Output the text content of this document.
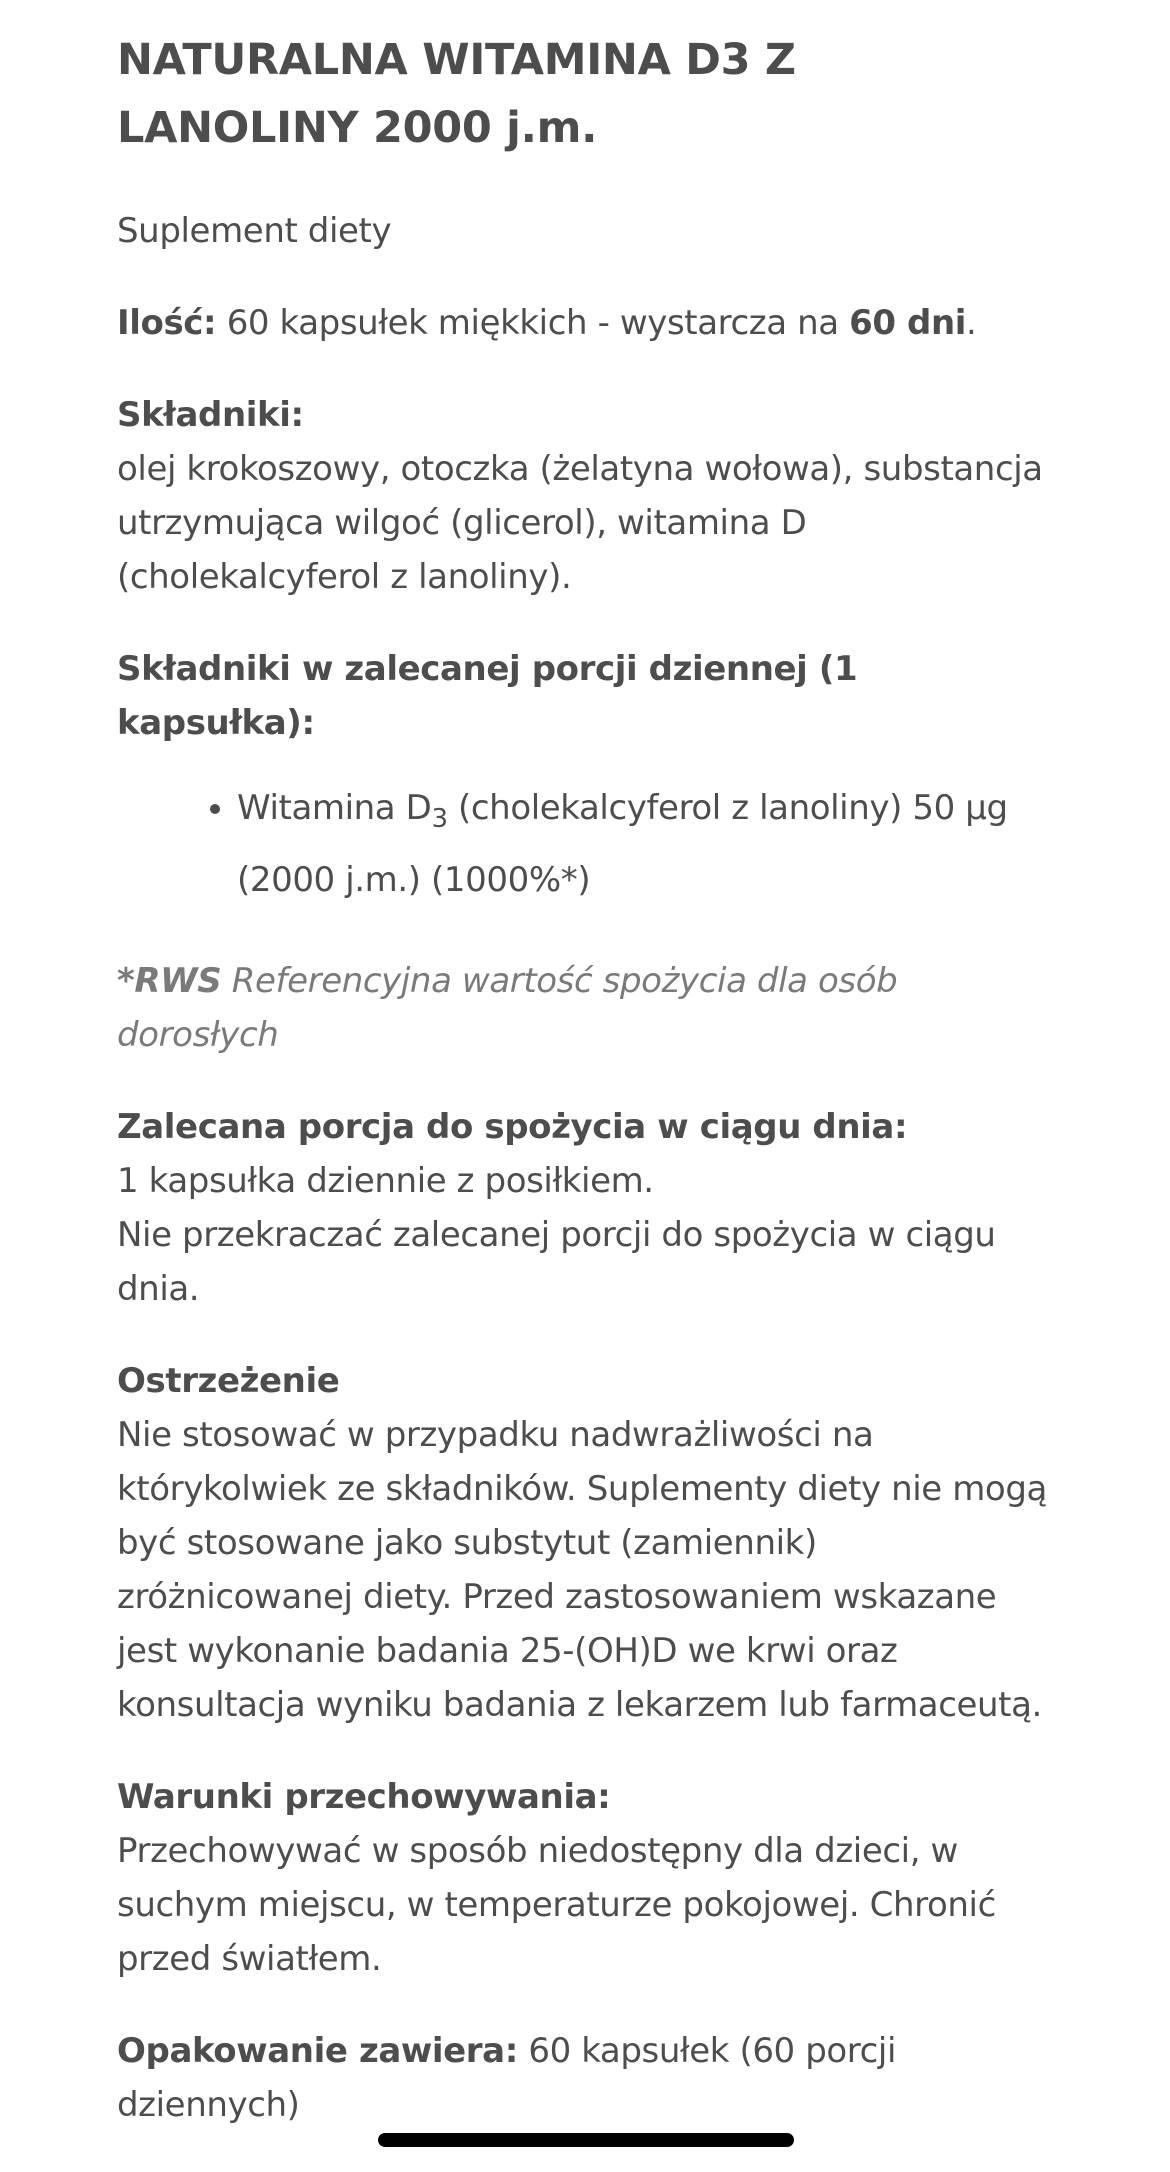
NATURALNA WITAMINA D3 Z LANOLINY 2000 j.m.

Suplement diety

Ilość: 60 kapsułek miękkich - wystarcza na 60 dni.

Składniki:
olej krokoszowy, otoczka (żelatyna wołowa), substancja utrzymująca wilgoć (glicerol), witamina D (cholekalcyferol z lanoliny).
Składniki w zalecanej porcji dziennej (1 kapsułka):
• Witamina $D_3$ (cholekalcyferol z lanoliny) 50 µg (2000 j.m.) (1000%*)

*RWS Referencyjna wartość spożycia dla osób dorosłych

Zalecana porcja do spożycia w ciągu dnia:
1 kapsułka dziennie z posiłkiem.
Nie przekraczać zalecanej porcji do spożycia w ciągu dnia.
Ostrzeżenie
Nie stosować w przypadku nadwrażliwości na którykolwiek ze składników. Suplementy diety nie mogą być stosowane jako substytut (zamiennik) zróżnicowanej diety. Przed zastosowaniem wskazane jest wykonanie badania 25-(OH)D we krwi oraz konsultacja wyniku badania z lekarzem lub farmaceutą.
Warunki przechowywania:
Przechowywać w sposób niedostępny dla dzieci, w suchym miejscu, w temperaturze pokojowej. Chronić przed światłem.

Opakowanie zawiera: 60 kapsułek (60 porcji dziennych)
